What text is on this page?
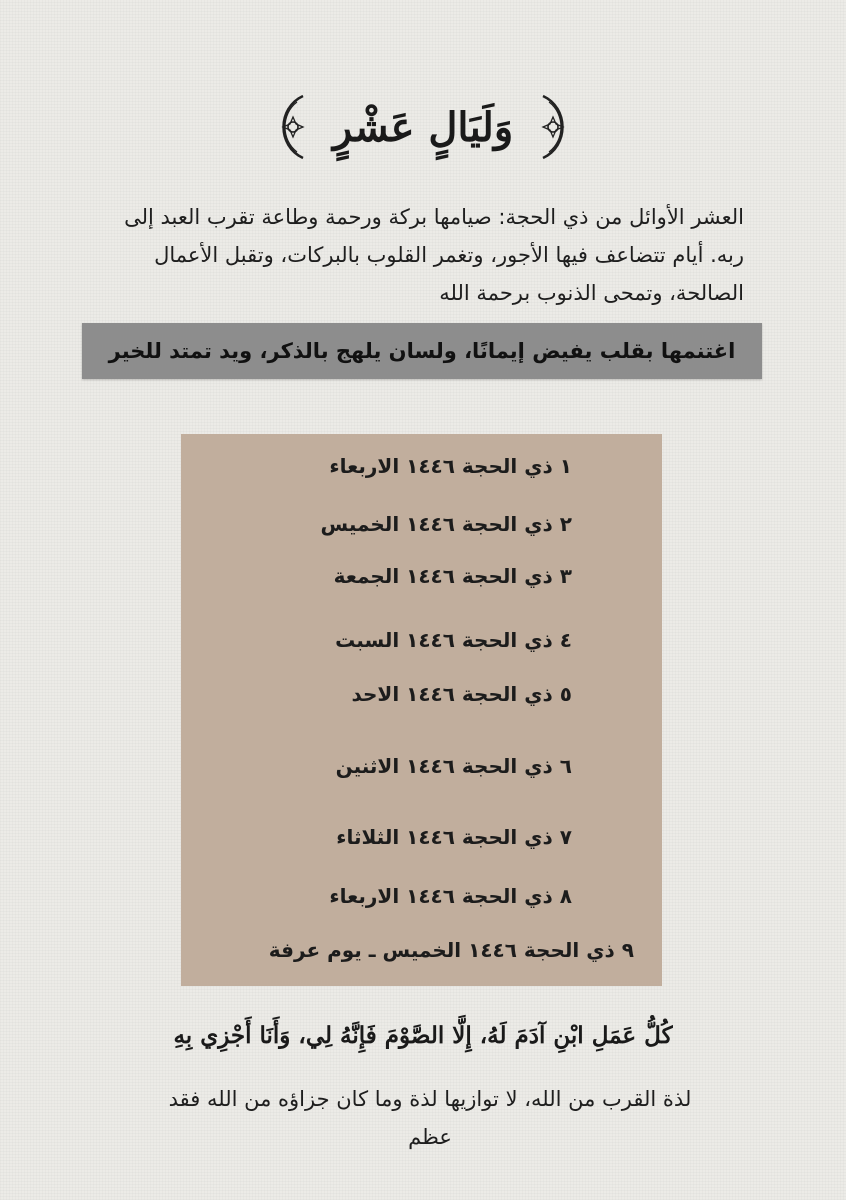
وَلَيَالٍ عَشْرٍ
العشر الأوائل من ذي الحجة: صيامها بركة ورحمة وطاعة تقرب العبد إلى ربه. أيام تتضاعف فيها الأجور، وتغمر القلوب بالبركات، وتقبل الأعمال الصالحة، وتمحى الذنوب برحمة الله
اغتنمها بقلب يفيض إيمانًا، ولسان يلهج بالذكر، ويد تمتد للخير
١ ذي الحجة ١٤٤٦ الاربعاء
٢ ذي الحجة ١٤٤٦ الخميس
٣ ذي الحجة ١٤٤٦ الجمعة
٤ ذي الحجة ١٤٤٦ السبت
٥ ذي الحجة ١٤٤٦ الاحد
٦ ذي الحجة ١٤٤٦ الاثنين
٧ ذي الحجة ١٤٤٦ الثلاثاء
٨ ذي الحجة ١٤٤٦ الاربعاء
٩ ذي الحجة ١٤٤٦ الخميس ـ يوم عرفة
كُلُّ عَمَلِ ابْنِ آدَمَ لَهُ، إِلَّا الصَّوْمَ فَإِنَّهُ لِي، وَأَنَا أَجْزِي بِهِ
لذة القرب من الله، لا توازيها لذة وما كان جزاؤه من الله فقد عظم
